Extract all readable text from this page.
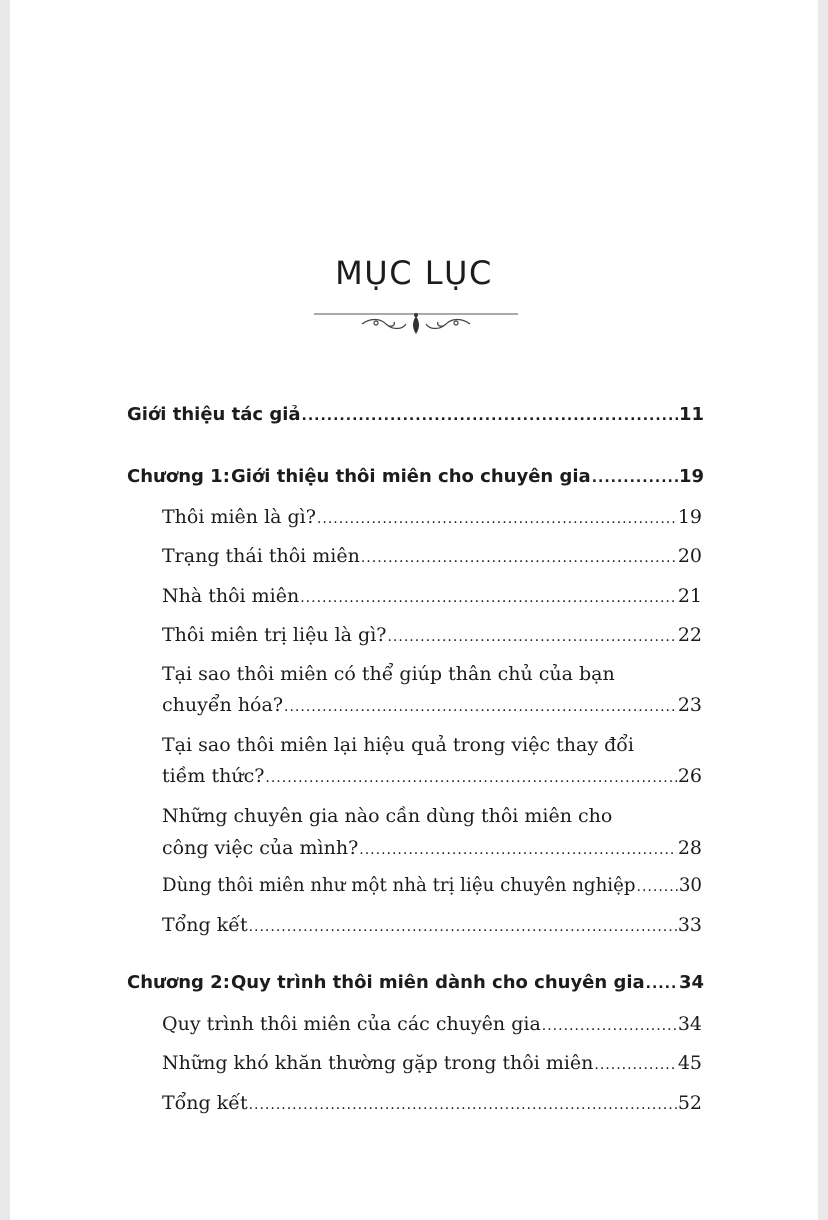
MỤC LỤC
Giới thiệu tác giả .....	11
Chương 1:Giới thiệu thôi miên cho chuyên gia .....	19
Thôi miên là gì? .....	19
Trạng thái thôi miên .....	20
Nhà thôi miên .....	21
Thôi miên trị liệu là gì? .....	22
Tại sao thôi miên có thể giúp thân chủ của bạn
chuyển hóa? .....	23
Tại sao thôi miên lại hiệu quả trong việc thay đổi
tiềm thức? .....	26
Những chuyên gia nào cần dùng thôi miên cho
công việc của mình? .....	28
Dùng thôi miên như một nhà trị liệu chuyên nghiệp ..... 30
Tổng kết .....	33
Chương 2:Quy trình thôi miên dành cho chuyên gia ..... 34
Quy trình thôi miên của các chuyên gia .....	34
Những khó khăn thường gặp trong thôi miên .....	45
Tổng kết .....	52
